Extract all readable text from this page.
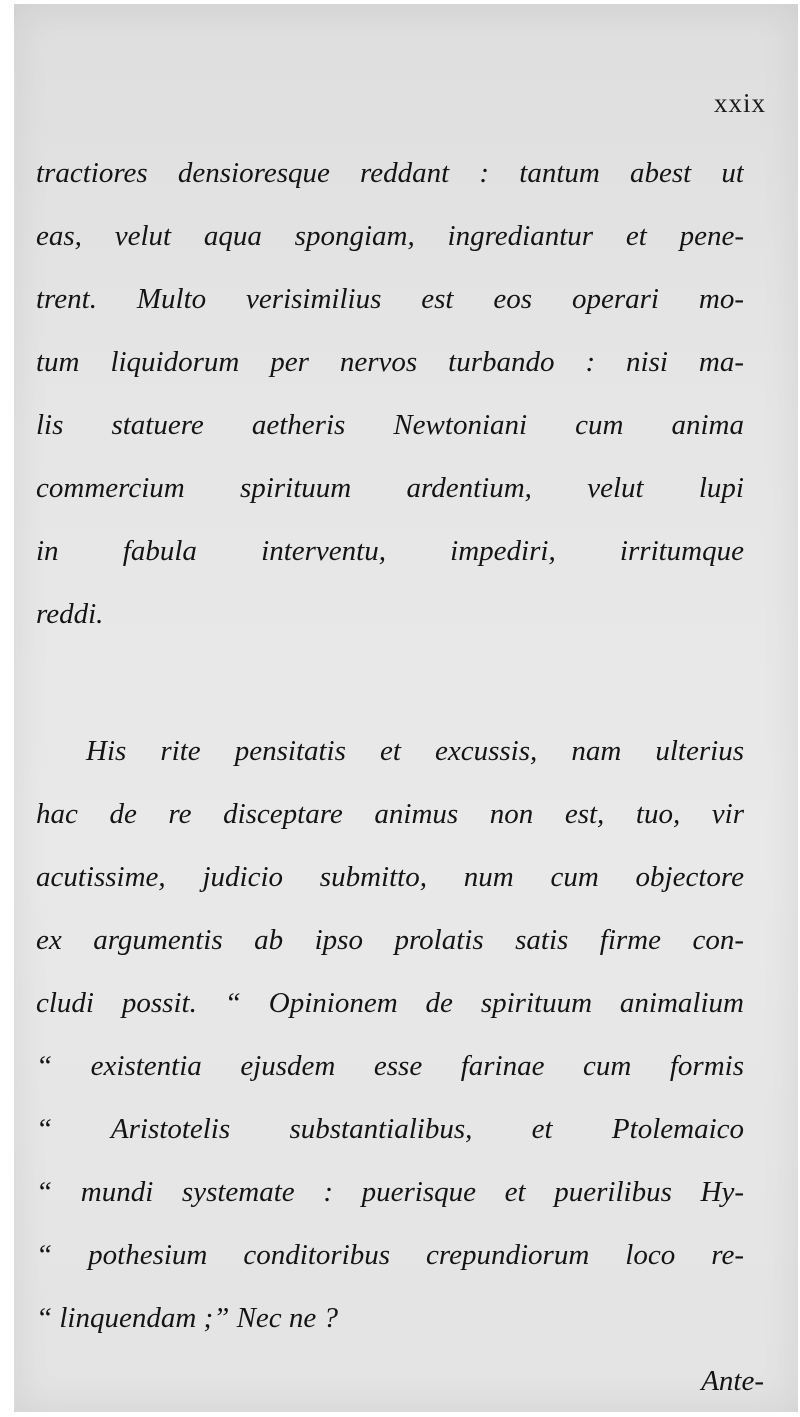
xxix
tractiores densioresque reddant : tantum abest ut
eas, velut aqua spongiam, ingrediantur et pene-
trent. Multo verisimilius est eos operari mo-
tum liquidorum per nervos turbando : nisi ma-
lis statuere aetheris Newtoniani cum anima
commercium spirituum ardentium, velut lupi
in fabula interventu, impediri, irritumque
reddi.
His rite pensitatis et excussis, nam ulterius
hac de re disceptare animus non est, tuo, vir
acutissime, judicio submitto, num cum objectore
ex argumentis ab ipso prolatis satis firme con-
cludi possit. “ Opinionem de spirituum animalium
“ existentia ejusdem esse farinae cum formis
“ Aristotelis substantialibus, et Ptolemaico
“ mundi systemate : puerisque et puerilibus Hy-
“ pothesium conditoribus crepundiorum loco re-
“ linquendam ;” Nec ne ?
Ante-
